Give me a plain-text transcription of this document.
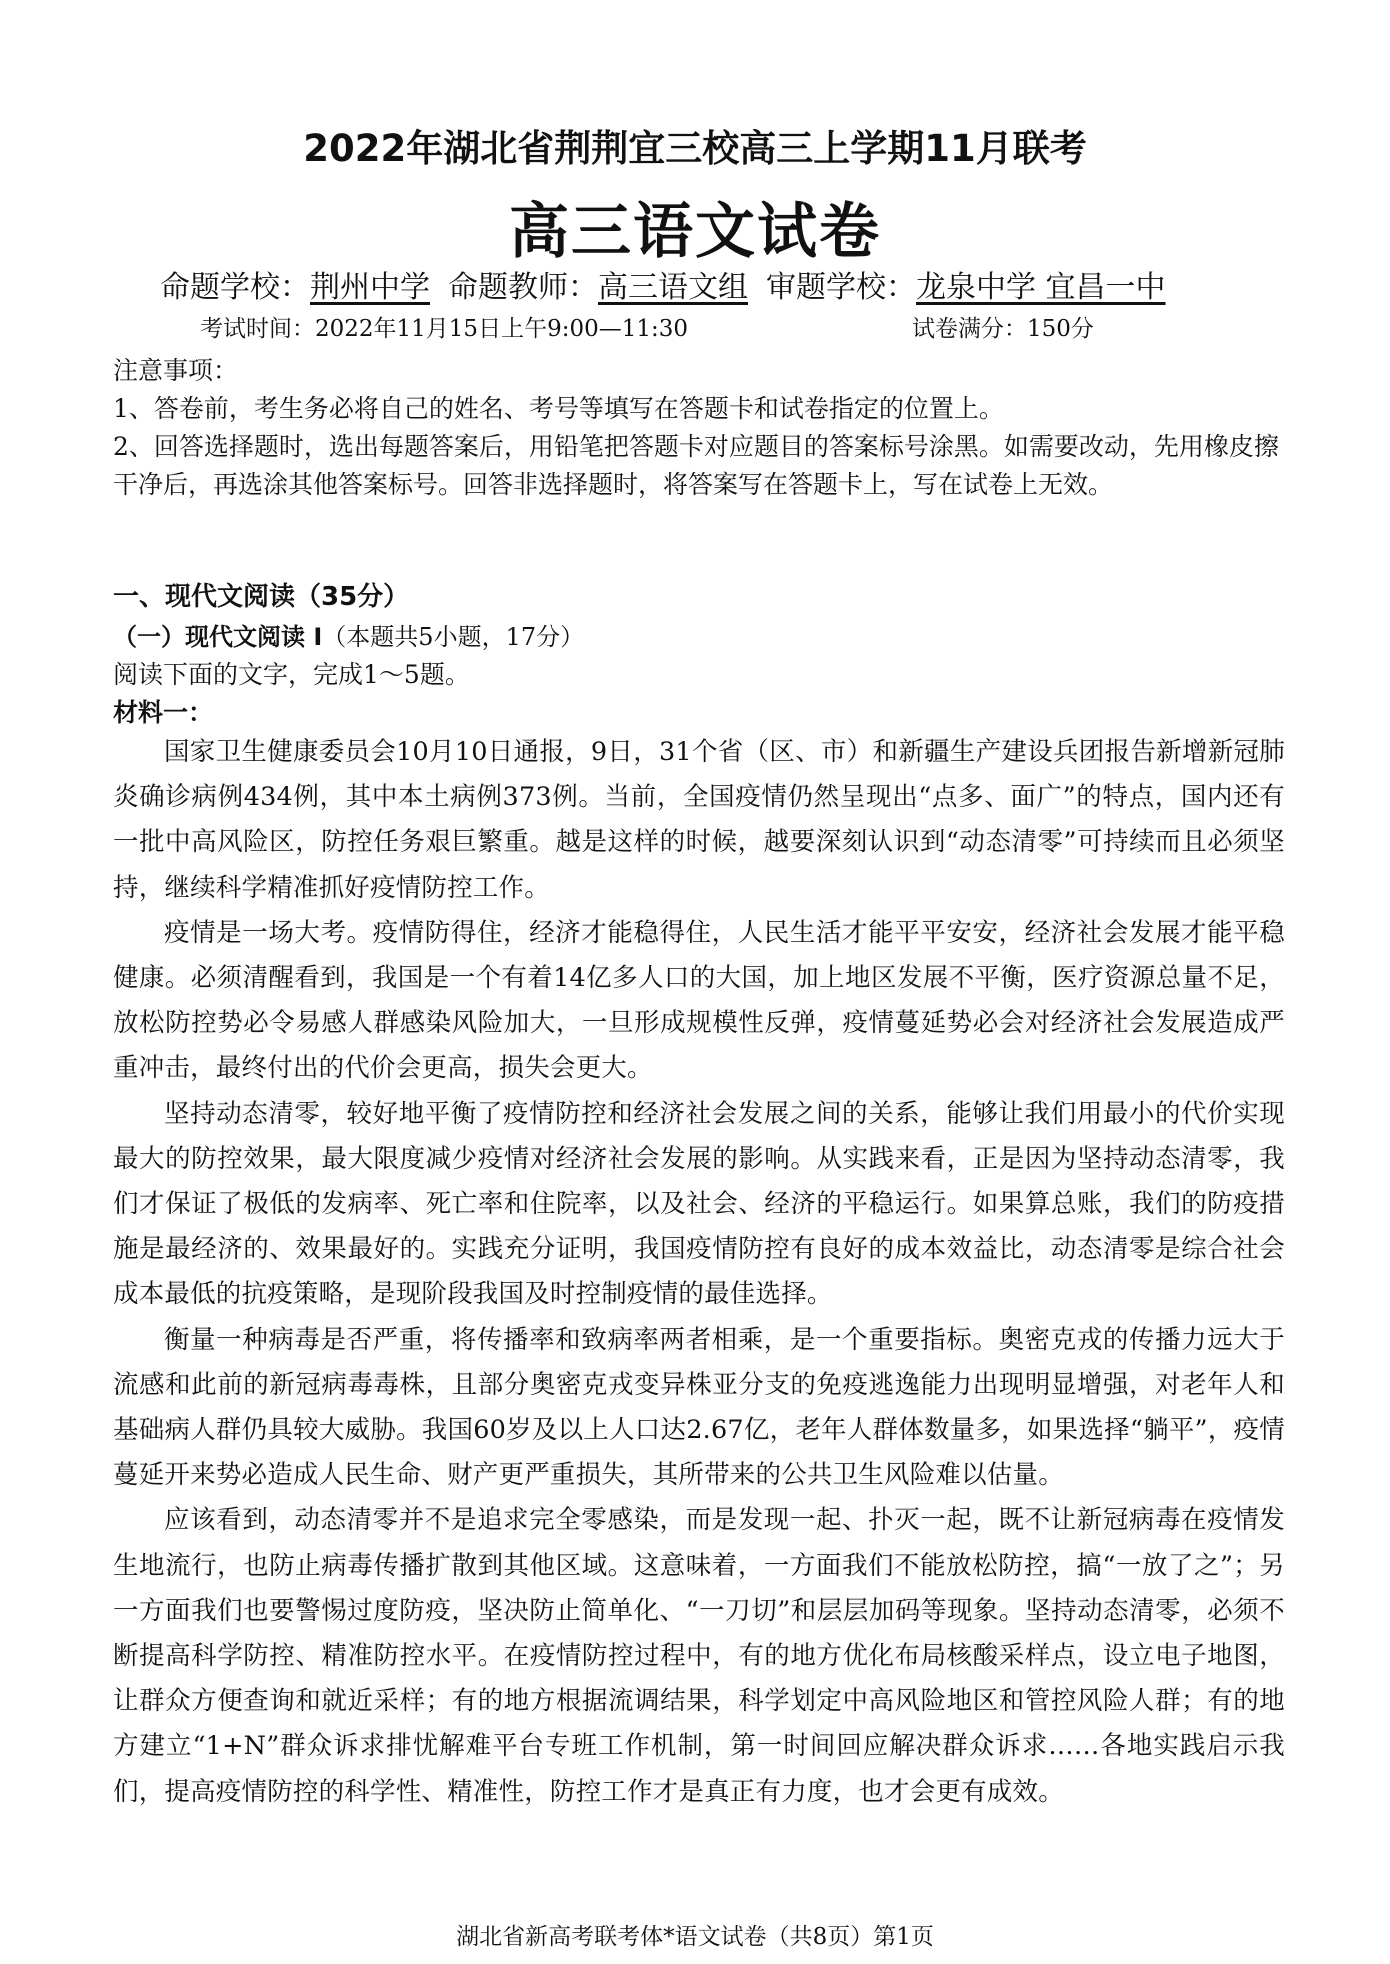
2022年湖北省荆荆宜三校高三上学期11月联考
高三语文试卷
命题学校：荆州中学 命题教师：高三语文组 审题学校：龙泉中学 宜昌一中
考试时间：2022年11月15日上午9:00—11:30	试卷满分：150分
注意事项：
1、答卷前，考生务必将自己的姓名、考号等填写在答题卡和试卷指定的位置上。
2、回答选择题时，选出每题答案后，用铅笔把答题卡对应题目的答案标号涂黑。如需要改动，先用橡皮擦干净后，再选涂其他答案标号。回答非选择题时，将答案写在答题卡上，写在试卷上无效。
一、现代文阅读（35分）
（一）现代文阅读 I（本题共5小题，17分）
阅读下面的文字，完成1～5题。
材料一：

国家卫生健康委员会10月10日通报，9日，31个省（区、市）和新疆生产建设兵团报告新增新冠肺炎确诊病例434例，其中本土病例373例。当前，全国疫情仍然呈现出“点多、面广”的特点，国内还有一批中高风险区，防控任务艰巨繁重。越是这样的时候，越要深刻认识到“动态清零”可持续而且必须坚持，继续科学精准抓好疫情防控工作。

疫情是一场大考。疫情防得住，经济才能稳得住，人民生活才能平平安安，经济社会发展才能平稳健康。必须清醒看到，我国是一个有着14亿多人口的大国，加上地区发展不平衡，医疗资源总量不足，放松防控势必令易感人群感染风险加大，一旦形成规模性反弹，疫情蔓延势必会对经济社会发展造成严重冲击，最终付出的代价会更高，损失会更大。

坚持动态清零，较好地平衡了疫情防控和经济社会发展之间的关系，能够让我们用最小的代价实现最大的防控效果，最大限度减少疫情对经济社会发展的影响。从实践来看，正是因为坚持动态清零，我们才保证了极低的发病率、死亡率和住院率，以及社会、经济的平稳运行。如果算总账，我们的防疫措施是最经济的、效果最好的。实践充分证明，我国疫情防控有良好的成本效益比，动态清零是综合社会成本最低的抗疫策略，是现阶段我国及时控制疫情的最佳选择。

衡量一种病毒是否严重，将传播率和致病率两者相乘，是一个重要指标。奥密克戎的传播力远大于流感和此前的新冠病毒毒株，且部分奥密克戎变异株亚分支的免疫逃逸能力出现明显增强，对老年人和基础病人群仍具较大威胁。我国60岁及以上人口达2.67亿，老年人群体数量多，如果选择“躺平”，疫情蔓延开来势必造成人民生命、财产更严重损失，其所带来的公共卫生风险难以估量。

应该看到，动态清零并不是追求完全零感染，而是发现一起、扑灭一起，既不让新冠病毒在疫情发生地流行，也防止病毒传播扩散到其他区域。这意味着，一方面我们不能放松防控，搞“一放了之”；另一方面我们也要警惕过度防疫，坚决防止简单化、“一刀切”和层层加码等现象。坚持动态清零，必须不断提高科学防控、精准防控水平。在疫情防控过程中，有的地方优化布局核酸采样点，设立电子地图，让群众方便查询和就近采样；有的地方根据流调结果，科学划定中高风险地区和管控风险人群；有的地方建立“1+N”群众诉求排忧解难平台专班工作机制，第一时间回应解决群众诉求……各地实践启示我们，提高疫情防控的科学性、精准性，防控工作才是真正有力度，也才会更有成效。

湖北省新高考联考体*语文试卷（共8页）第1页
